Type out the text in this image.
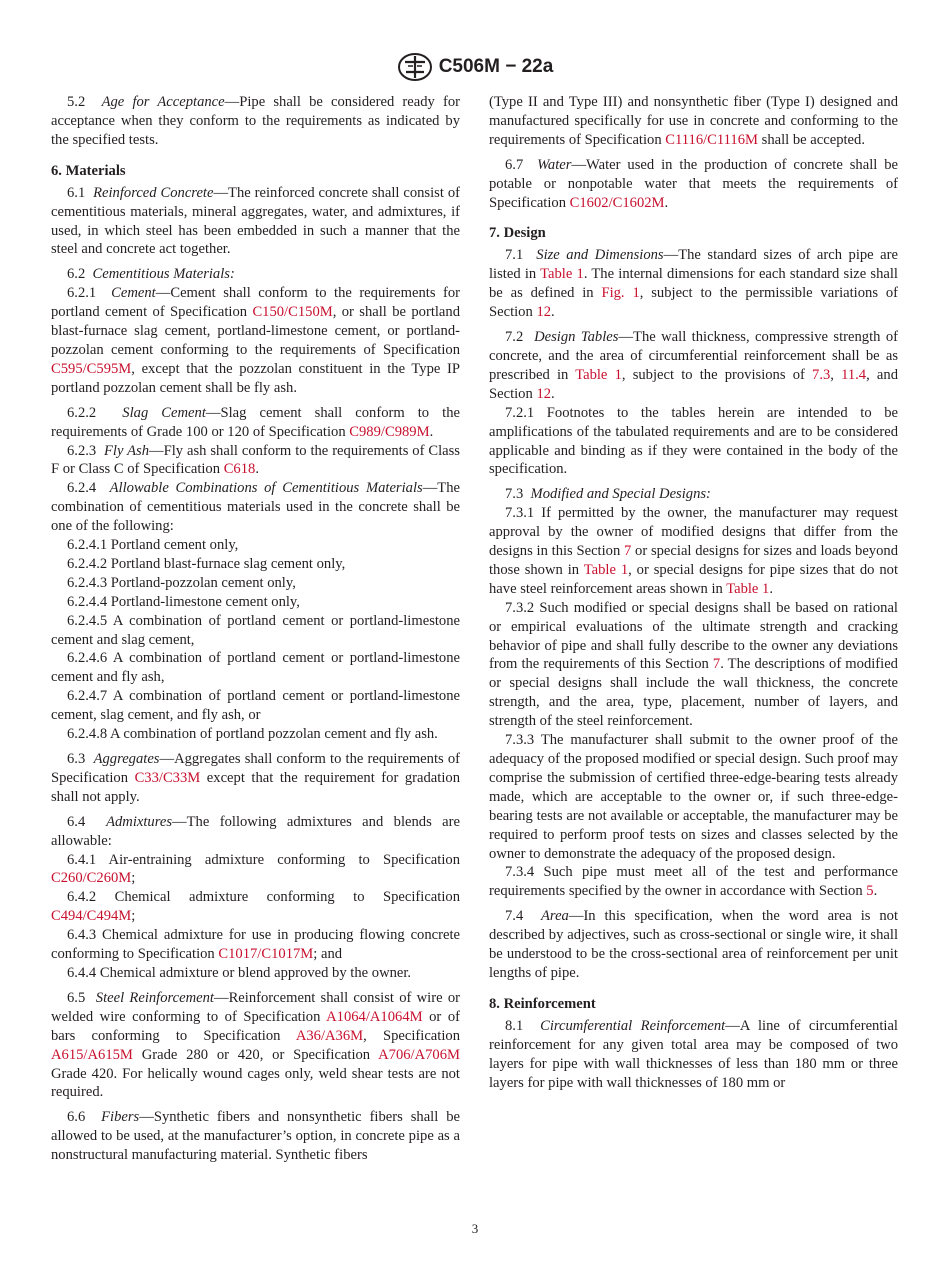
C506M − 22a

5.2 Age for Acceptance—Pipe shall be considered ready for acceptance when they conform to the requirements as indicated by the specified tests.

6. Materials

6.1 Reinforced Concrete—The reinforced concrete shall consist of cementitious materials, mineral aggregates, water, and admixtures, if used, in which steel has been embedded in such a manner that the steel and concrete act together.

6.2 Cementitious Materials:

6.2.1 Cement—Cement shall conform to the requirements for portland cement of Specification C150/C150M, or shall be portland blast-furnace slag cement, portland-limestone cement, or portland-pozzolan cement conforming to the requirements of Specification C595/C595M, except that the pozzolan constituent in the Type IP portland pozzolan cement shall be fly ash.

6.2.2 Slag Cement—Slag cement shall conform to the requirements of Grade 100 or 120 of Specification C989/C989M.

6.2.3 Fly Ash—Fly ash shall conform to the requirements of Class F or Class C of Specification C618.

6.2.4 Allowable Combinations of Cementitious Materials—The combination of cementitious materials used in the concrete shall be one of the following:

6.2.4.1 Portland cement only,

6.2.4.2 Portland blast-furnace slag cement only,

6.2.4.3 Portland-pozzolan cement only,

6.2.4.4 Portland-limestone cement only,

6.2.4.5 A combination of portland cement or portland-limestone cement and slag cement,

6.2.4.6 A combination of portland cement or portland-limestone cement and fly ash,

6.2.4.7 A combination of portland cement or portland-limestone cement, slag cement, and fly ash, or

6.2.4.8 A combination of portland pozzolan cement and fly ash.

6.3 Aggregates—Aggregates shall conform to the requirements of Specification C33/C33M except that the requirement for gradation shall not apply.

6.4 Admixtures—The following admixtures and blends are allowable:

6.4.1 Air-entraining admixture conforming to Specification C260/C260M;

6.4.2 Chemical admixture conforming to Specification C494/C494M;

6.4.3 Chemical admixture for use in producing flowing concrete conforming to Specification C1017/C1017M; and

6.4.4 Chemical admixture or blend approved by the owner.

6.5 Steel Reinforcement—Reinforcement shall consist of wire or welded wire conforming to of Specification A1064/A1064M or of bars conforming to Specification A36/A36M, Specification A615/A615M Grade 280 or 420, or Specification A706/A706M Grade 420. For helically wound cages only, weld shear tests are not required.

6.6 Fibers—Synthetic fibers and nonsynthetic fibers shall be allowed to be used, at the manufacturer’s option, in concrete pipe as a nonstructural manufacturing material. Synthetic fibers

(Type II and Type III) and nonsynthetic fiber (Type I) designed and manufactured specifically for use in concrete and conforming to the requirements of Specification C1116/C1116M shall be accepted.

6.7 Water—Water used in the production of concrete shall be potable or nonpotable water that meets the requirements of Specification C1602/C1602M.

7. Design

7.1 Size and Dimensions—The standard sizes of arch pipe are listed in Table 1. The internal dimensions for each standard size shall be as defined in Fig. 1, subject to the permissible variations of Section 12.

7.2 Design Tables—The wall thickness, compressive strength of concrete, and the area of circumferential reinforcement shall be as prescribed in Table 1, subject to the provisions of 7.3, 11.4, and Section 12.

7.2.1 Footnotes to the tables herein are intended to be amplifications of the tabulated requirements and are to be considered applicable and binding as if they were contained in the body of the specification.

7.3 Modified and Special Designs:

7.3.1 If permitted by the owner, the manufacturer may request approval by the owner of modified designs that differ from the designs in this Section 7 or special designs for sizes and loads beyond those shown in Table 1, or special designs for pipe sizes that do not have steel reinforcement areas shown in Table 1.

7.3.2 Such modified or special designs shall be based on rational or empirical evaluations of the ultimate strength and cracking behavior of pipe and shall fully describe to the owner any deviations from the requirements of this Section 7. The descriptions of modified or special designs shall include the wall thickness, the concrete strength, and the area, type, placement, number of layers, and strength of the steel reinforcement.

7.3.3 The manufacturer shall submit to the owner proof of the adequacy of the proposed modified or special design. Such proof may comprise the submission of certified three-edge-bearing tests already made, which are acceptable to the owner or, if such three-edge-bearing tests are not available or acceptable, the manufacturer may be required to perform proof tests on sizes and classes selected by the owner to demonstrate the adequacy of the proposed design.

7.3.4 Such pipe must meet all of the test and performance requirements specified by the owner in accordance with Section 5.

7.4 Area—In this specification, when the word area is not described by adjectives, such as cross-sectional or single wire, it shall be understood to be the cross-sectional area of reinforcement per unit lengths of pipe.

8. Reinforcement

8.1 Circumferential Reinforcement—A line of circumferential reinforcement for any given total area may be composed of two layers for pipe with wall thicknesses of less than 180 mm or three layers for pipe with wall thicknesses of 180 mm or

3
